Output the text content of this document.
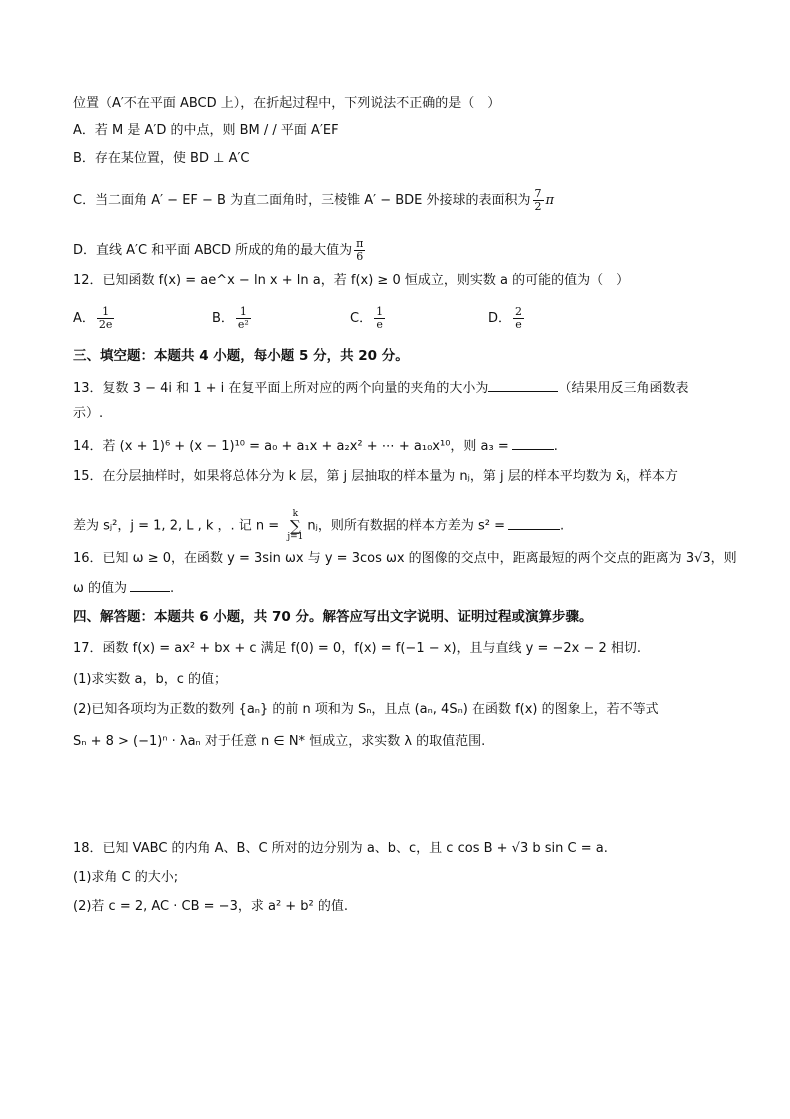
位置（A′不在平面 ABCD 上），在折起过程中，下列说法不正确的是（　）
A．若 M 是 A′D 的中点，则 BM / / 平面 A′EF
B．存在某位置，使 BD ⊥ A′C
C．当二面角 A′ − EF − B 为直二面角时，三棱锥 A′ − BDE 外接球的表面积为 $\frac{7}{2}$ π
D．直线 A′C 和平面 ABCD 所成的角的最大值为 $\frac{\pi}{6}$
12．已知函数 f(x) = ae^x − ln x + ln a，若 f(x) ≥ 0 恒成立，则实数 a 的可能的值为（　）
A． $\frac{1}{2e}$	B． $\frac{1}{\text{e²}}$	C． $\frac{1}{e}$	D． $\frac{2}{e}$
三、填空题：本题共 4 小题，每小题 5 分，共 20 分。
13．复数 3 − 4i 和 1 + i 在复平面上所对应的两个向量的夹角的大小为	（结果用反三角函数表
示）.
14．若 (x + 1)⁶ + (x − 1)¹⁰ = a₀ + a₁x + a₂x² + ⋯ + a₁₀x¹⁰，则 a₃ =	.
15．在分层抽样时，如果将总体分为 k 层，第 j 层抽取的样本量为 nⱼ，第 j 层的样本平均数为 x̄ⱼ，样本方
差为 sⱼ²，j = 1, 2, L , k ，. 记 n =
k
∑
j=1
nⱼ，则所有数据的样本方差为 s² =	.
16．已知 ω ≥ 0，在函数 y = 3sin ωx 与 y = 3cos ωx 的图像的交点中，距离最短的两个交点的距离为 3√3，则
ω 的值为	.
四、解答题：本题共 6 小题，共 70 分。解答应写出文字说明、证明过程或演算步骤。
17．函数 f(x) = ax² + bx + c 满足 f(0) = 0，f(x) = f(−1 − x)，且与直线 y = −2x − 2 相切.
(1)求实数 a，b，c 的值；
(2)已知各项均为正数的数列 {aₙ} 的前 n 项和为 Sₙ，且点 (aₙ, 4Sₙ) 在函数 f(x) 的图象上，若不等式
Sₙ + 8 > (−1)ⁿ · λaₙ 对于任意 n ∈ N* 恒成立，求实数 λ 的取值范围.
18．已知 VABC 的内角 A、B、C 所对的边分别为 a、b、c，且 c cos B + √3 b sin C = a.
(1)求角 C 的大小;
(2)若 c = 2, AC · CB = −3，求 a² + b² 的值.
